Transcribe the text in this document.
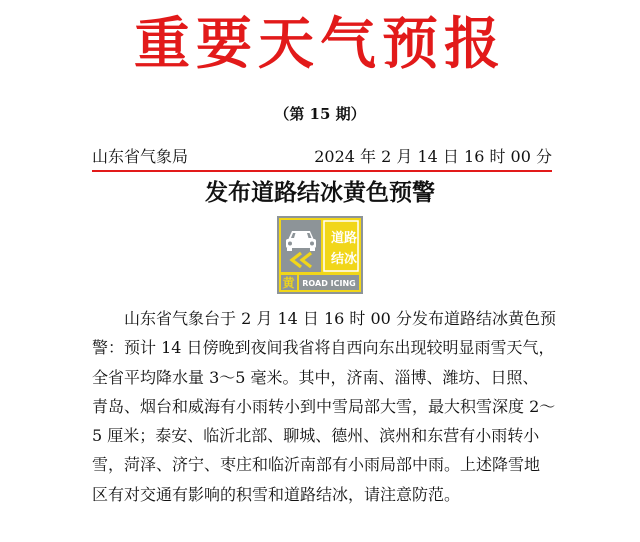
重要天气预报
（第 15 期）
山东省气象局	2024 年 2 月 14 日 16 时 00 分
发布道路结冰黄色预警
道路
结冰
黄 ROAD ICING
山东省气象台于 2 月 14 日 16 时 00 分发布道路结冰黄色预
警：预计 14 日傍晚到夜间我省将自西向东出现较明显雨雪天气，
全省平均降水量 3～5 毫米。其中，济南、淄博、潍坊、日照、
青岛、烟台和威海有小雨转小到中雪局部大雪，最大积雪深度 2～
5 厘米；泰安、临沂北部、聊城、德州、滨州和东营有小雨转小
雪，菏泽、济宁、枣庄和临沂南部有小雨局部中雨。上述降雪地
区有对交通有影响的积雪和道路结冰，请注意防范。
